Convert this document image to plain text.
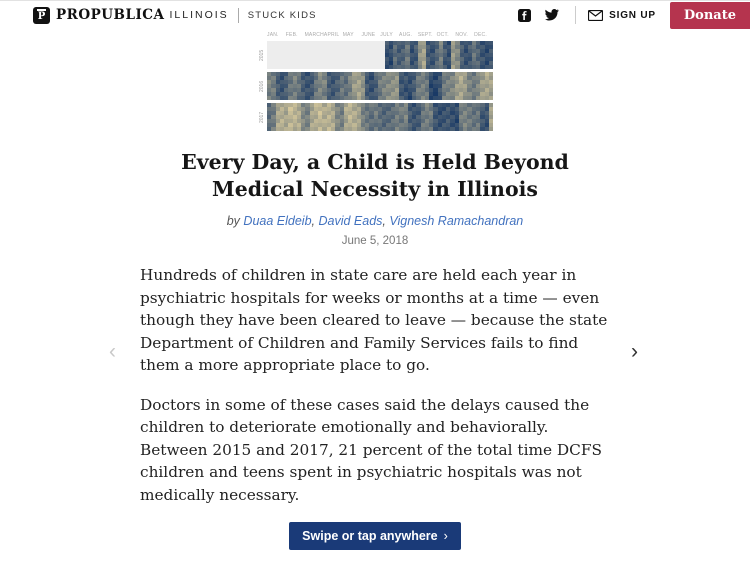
P PROPUBLICA ILLINOIS STUCK KIDS	SIGN UP	Donate
JAN.	FEB.	MARCH APRIL MAY	JUNE JULY	AUG.	SEPT. OCT.	NOV.	DEC.
2015
2016
2017
Every Day, a Child is Held Beyond Medical Necessity in Illinois
by Duaa Eldeib, David Eads, Vignesh Ramachandran
June 5, 2018

Hundreds of children in state care are held each year in psychiatric hospitals for weeks or months at a time — even though they have been cleared to leave — because the state Department of Children and Family Services fails to find them a more appropriate place to go.

Doctors in some of these cases said the delays caused the children to deteriorate emotionally and behaviorally. Between 2015 and 2017, 21 percent of the total time DCFS children and teens spent in psychiatric hospitals was not medically necessary.

Swipe or tap anywhere ›
‹	›
